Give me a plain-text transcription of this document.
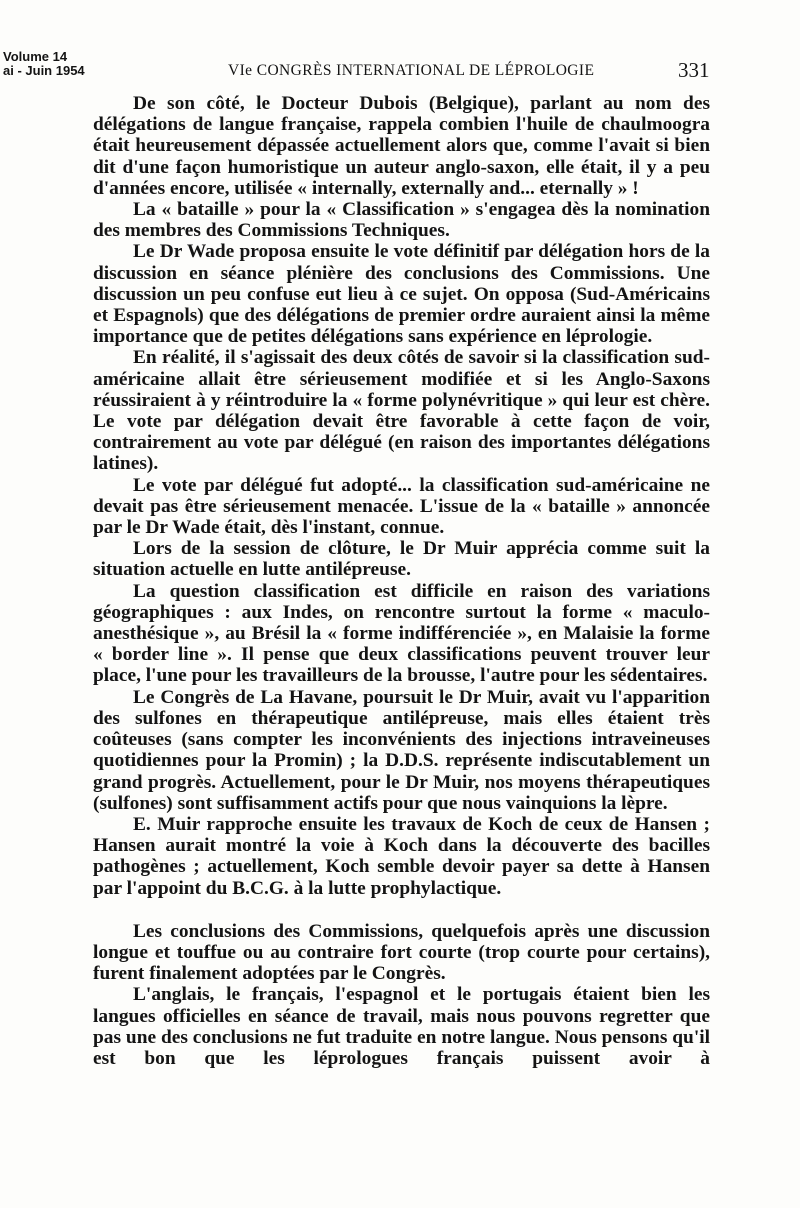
Volume 14
ai - Juin 1954	VIe CONGRÈS INTERNATIONAL DE LÉPROLOGIE	331

De son côté, le Docteur Dubois (Belgique), parlant au nom des délégations de langue française, rappela combien l'huile de chaulmoogra était heureusement dépassée actuellement alors que, comme l'avait si bien dit d'une façon humoristique un auteur anglo-saxon, elle était, il y a peu d'années encore, utilisée « internally, externally and... eternally » !

La « bataille » pour la « Classification » s'engagea dès la nomination des membres des Commissions Techniques.

Le Dr Wade proposa ensuite le vote définitif par délégation hors de la discussion en séance plénière des conclusions des Commissions. Une discussion un peu confuse eut lieu à ce sujet. On opposa (Sud-Américains et Espagnols) que des délégations de premier ordre auraient ainsi la même importance que de petites délégations sans expérience en léprologie.

En réalité, il s'agissait des deux côtés de savoir si la classification sud-américaine allait être sérieusement modifiée et si les Anglo-Saxons réussiraient à y réintroduire la « forme polynévritique » qui leur est chère. Le vote par délégation devait être favorable à cette façon de voir, contrairement au vote par délégué (en raison des importantes délégations latines).

Le vote par délégué fut adopté... la classification sud-américaine ne devait pas être sérieusement menacée. L'issue de la « bataille » annoncée par le Dr Wade était, dès l'instant, connue.

Lors de la session de clôture, le Dr Muir apprécia comme suit la situation actuelle en lutte antilépreuse.

La question classification est difficile en raison des variations géographiques : aux Indes, on rencontre surtout la forme « maculo-anesthésique », au Brésil la « forme indifférenciée », en Malaisie la forme « border line ». Il pense que deux classifications peuvent trouver leur place, l'une pour les travailleurs de la brousse, l'autre pour les sédentaires.

Le Congrès de La Havane, poursuit le Dr Muir, avait vu l'apparition des sulfones en thérapeutique antilépreuse, mais elles étaient très coûteuses (sans compter les inconvénients des injections intraveineuses quotidiennes pour la Promin) ; la D.D.S. représente indiscutablement un grand progrès. Actuellement, pour le Dr Muir, nos moyens thérapeutiques (sulfones) sont suffisamment actifs pour que nous vainquions la lèpre.

E. Muir rapproche ensuite les travaux de Koch de ceux de Hansen ; Hansen aurait montré la voie à Koch dans la découverte des bacilles pathogènes ; actuellement, Koch semble devoir payer sa dette à Hansen par l'appoint du B.C.G. à la lutte prophylactique.

Les conclusions des Commissions, quelquefois après une discussion longue et touffue ou au contraire fort courte (trop courte pour certains), furent finalement adoptées par le Congrès.

L'anglais, le français, l'espagnol et le portugais étaient bien les langues officielles en séance de travail, mais nous pouvons regretter que pas une des conclusions ne fut traduite en notre langue. Nous pensons qu'il est bon que les léprologues français puissent avoir à
